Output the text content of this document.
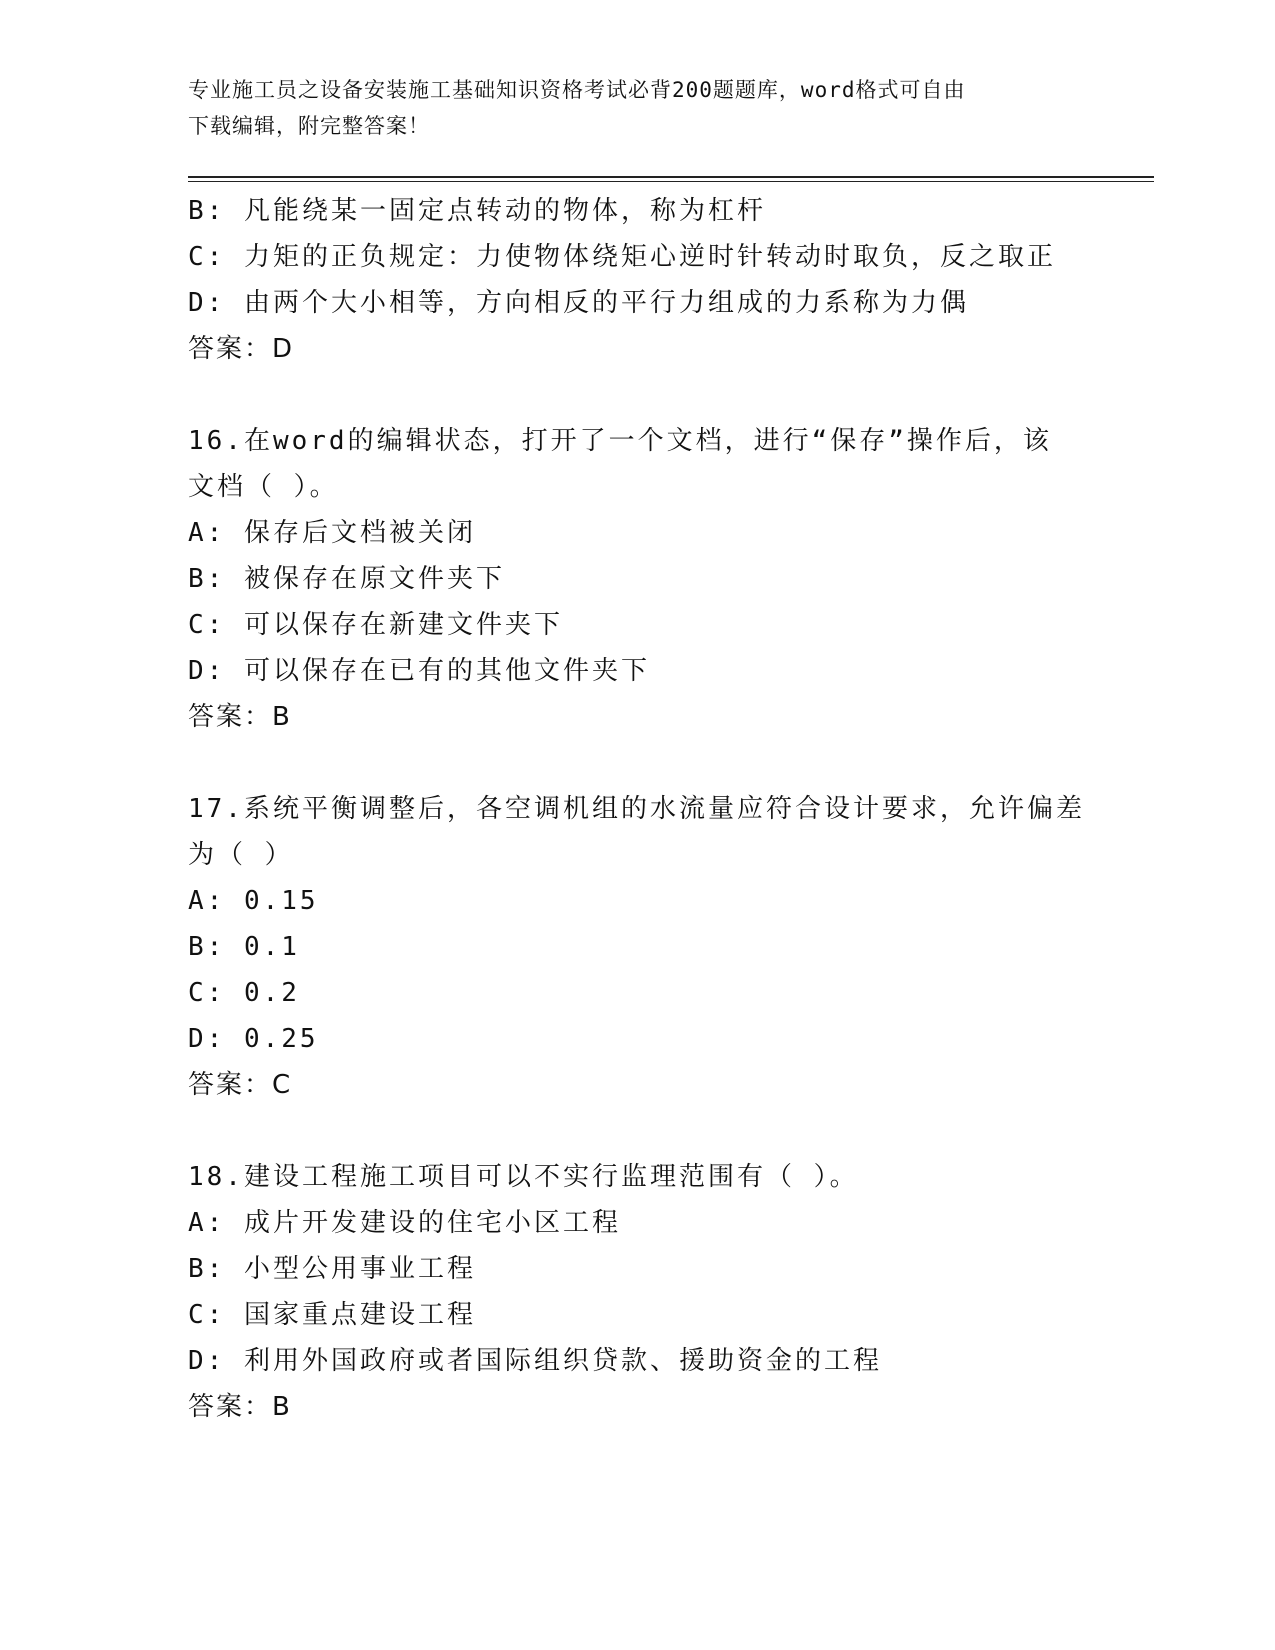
专业施工员之设备安装施工基础知识资格考试必背200题题库，word格式可自由
下载编辑，附完整答案！
B: 凡能绕某一固定点转动的物体，称为杠杆
C: 力矩的正负规定：力使物体绕矩心逆时针转动时取负，反之取正
D: 由两个大小相等，方向相反的平行力组成的力系称为力偶
答案：D
16.在word的编辑状态，打开了一个文档，进行“保存”操作后，该
文档（ ）。
A: 保存后文档被关闭
B: 被保存在原文件夹下
C: 可以保存在新建文件夹下
D: 可以保存在已有的其他文件夹下
答案：B
17.系统平衡调整后，各空调机组的水流量应符合设计要求，允许偏差
为（ ）
A: 0.15
B: 0.1
C: 0.2
D: 0.25
答案：C
18.建设工程施工项目可以不实行监理范围有（ ）。
A: 成片开发建设的住宅小区工程
B: 小型公用事业工程
C: 国家重点建设工程
D: 利用外国政府或者国际组织贷款、援助资金的工程
答案：B
